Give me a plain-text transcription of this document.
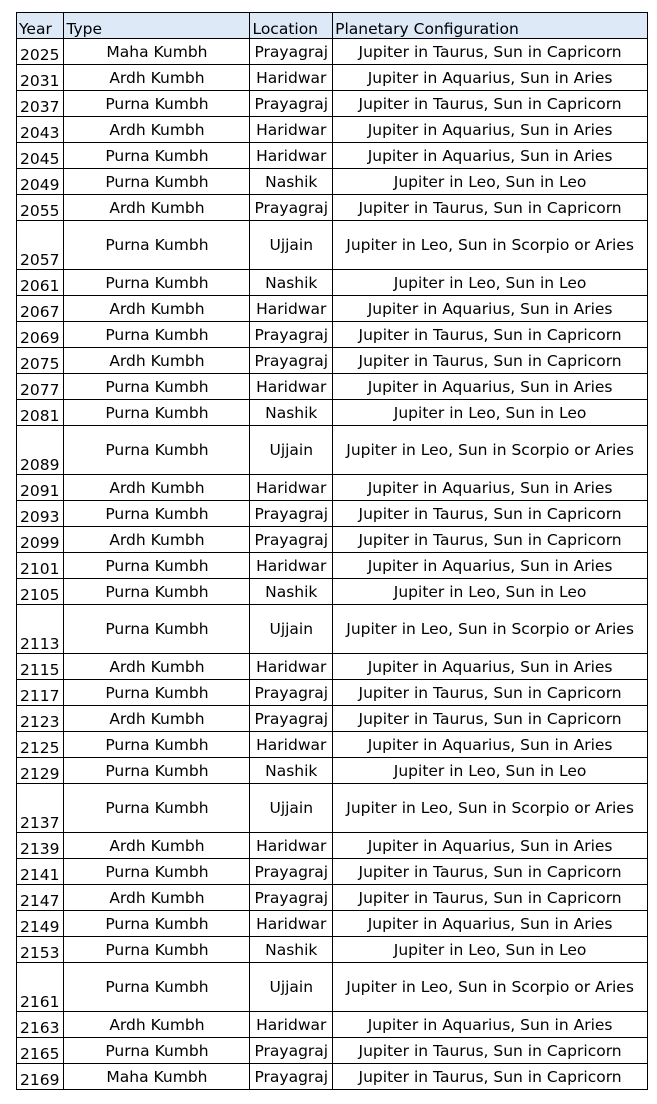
Year	Type	Location	Planetary Configuration
2025	Maha Kumbh	Prayagraj	Jupiter in Taurus, Sun in Capricorn
2031	Ardh Kumbh	Haridwar	Jupiter in Aquarius, Sun in Aries
2037	Purna Kumbh	Prayagraj	Jupiter in Taurus, Sun in Capricorn
2043	Ardh Kumbh	Haridwar	Jupiter in Aquarius, Sun in Aries
2045	Purna Kumbh	Haridwar	Jupiter in Aquarius, Sun in Aries
2049	Purna Kumbh	Nashik	Jupiter in Leo, Sun in Leo
2055	Ardh Kumbh	Prayagraj	Jupiter in Taurus, Sun in Capricorn
2057	Purna Kumbh	Ujjain	Jupiter in Leo, Sun in Scorpio or Aries
2061	Purna Kumbh	Nashik	Jupiter in Leo, Sun in Leo
2067	Ardh Kumbh	Haridwar	Jupiter in Aquarius, Sun in Aries
2069	Purna Kumbh	Prayagraj	Jupiter in Taurus, Sun in Capricorn
2075	Ardh Kumbh	Prayagraj	Jupiter in Taurus, Sun in Capricorn
2077	Purna Kumbh	Haridwar	Jupiter in Aquarius, Sun in Aries
2081	Purna Kumbh	Nashik	Jupiter in Leo, Sun in Leo
2089	Purna Kumbh	Ujjain	Jupiter in Leo, Sun in Scorpio or Aries
2091	Ardh Kumbh	Haridwar	Jupiter in Aquarius, Sun in Aries
2093	Purna Kumbh	Prayagraj	Jupiter in Taurus, Sun in Capricorn
2099	Ardh Kumbh	Prayagraj	Jupiter in Taurus, Sun in Capricorn
2101	Purna Kumbh	Haridwar	Jupiter in Aquarius, Sun in Aries
2105	Purna Kumbh	Nashik	Jupiter in Leo, Sun in Leo
2113	Purna Kumbh	Ujjain	Jupiter in Leo, Sun in Scorpio or Aries
2115	Ardh Kumbh	Haridwar	Jupiter in Aquarius, Sun in Aries
2117	Purna Kumbh	Prayagraj	Jupiter in Taurus, Sun in Capricorn
2123	Ardh Kumbh	Prayagraj	Jupiter in Taurus, Sun in Capricorn
2125	Purna Kumbh	Haridwar	Jupiter in Aquarius, Sun in Aries
2129	Purna Kumbh	Nashik	Jupiter in Leo, Sun in Leo
2137	Purna Kumbh	Ujjain	Jupiter in Leo, Sun in Scorpio or Aries
2139	Ardh Kumbh	Haridwar	Jupiter in Aquarius, Sun in Aries
2141	Purna Kumbh	Prayagraj	Jupiter in Taurus, Sun in Capricorn
2147	Ardh Kumbh	Prayagraj	Jupiter in Taurus, Sun in Capricorn
2149	Purna Kumbh	Haridwar	Jupiter in Aquarius, Sun in Aries
2153	Purna Kumbh	Nashik	Jupiter in Leo, Sun in Leo
2161	Purna Kumbh	Ujjain	Jupiter in Leo, Sun in Scorpio or Aries
2163	Ardh Kumbh	Haridwar	Jupiter in Aquarius, Sun in Aries
2165	Purna Kumbh	Prayagraj	Jupiter in Taurus, Sun in Capricorn
2169	Maha Kumbh	Prayagraj	Jupiter in Taurus, Sun in Capricorn
